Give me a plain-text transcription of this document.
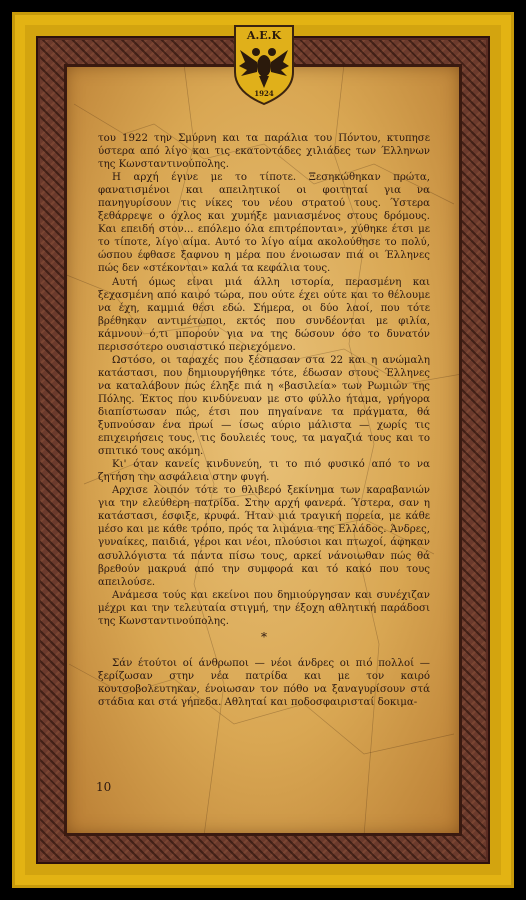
Α.Ε.Κ
1924

του 1922 την Σμύρνη και τα παράλια του Πόντου, κτυπησε ύστερα από λίγο και τις εκατοντάδες χιλιάδες των Έλληνων της Κωνσταντινούπολης.

Η αρχή έγινε με το τίποτε. Ξεσηκώθηκαν πρώτα, φανατισμένοι και απειλητικοί οι φοιτηταί για να πανηγυρίσουν τις νίκες του νέου στρατού τους. Ύστερα ξεθάρρεψε ο όχλος και χυμήξε μανιασμένος στους δρόμους. Και επειδή στον... επόλεμο όλα επιτρέπονται», χύθηκε έτσι με το τίποτε, λίγο αίμα. Αυτό το λίγο αίμα ακολούθησε το πολύ, ώσπου έφθασε ξαφνου η μέρα που ένοιωσαν πιά οι Έλληνες πώς δεν «στέκονται» καλά τα κεφάλια τους.

Αυτή όμως είναι μιά άλλη ιστορία, περασμένη και ξεχασμένη από καιρό τώρα, που ούτε έχει ούτε και το θέλουμε να έχη, καμμιά θέσι εδώ. Σήμερα, οι δύο λαοί, που τότε βρέθηκαν αντιμέτωποι, εκτός που συνδέονται με φιλία, κάμνουν ό,τι μπορούν για να της δώσουν όσο το δυνατόν περισσότερο ουσιαστικό περιεχόμενο.

Ωστόσο, οι ταραχές που ξέσπασαν στα 22 και η ανώμαλη κατάστασι, που δημιουργήθηκε τότε, έδωσαν στους Έλληνες να καταλάβουν πώς έληξε πιά η «βασιλεία» των Ρωμιών της Πόλης. Έκτος που κινδύνευαν με στο φύλλο ήταμα, γρήγορα διαπίστωσαν πώς, έτσι που πηγαίνανε τα πράγματα, θά ξυπνούσαν ένα πρωί — ίσως αύριο μάλιστα — χωρίς τις επιχειρήσεις τους, τις δουλειές τους, τα μαγαζιά τους και το σπιτικό τους ακόμη.

Κι' όταν κανείς κινδυνεύη, τι το πιό φυσικό από το να ζητήση την ασφάλεια στην φυγή.

Αρχισε λοιπόν τότε το θλιβερό ξεκίνημα των καραβανιών για την ελεύθερη πατρίδα. Στην αρχή φανερά. Ύστερα, σαν η κατάστασι, έσφιξε, κρυφά. Ήταν μιά τραγική πορεία, με κάθε μέσο και με κάθε τρόπο, πρός τα λιμάνια της Ελλάδος. Άνδρες, γυναίκες, παιδιά, γέροι και νέοι, πλούσιοι και πτωχοί, άφηκαν ασυλλόγιστα τά πάντα πίσω τους, αρκεί νάνοιωθαν πώς θά βρεθούν μακρυά από την συμφορά και τό κακό που τους απειλούσε.

Ανάμεσα τούς και εκείνοι που δημιούργησαν και συνέχιζαν μέχρι και την τελευταία στιγμή, την έξοχη αθλητική παράδοσι της Κωνσταντινούπολης.

*

Σάν έτούτοι οί άνθρωποι — νέοι άνδρες οι πιό πολλοί — ξερίζωσαν στην νέα πατρίδα και με τον καιρό κουτσοβολευτηκαν, ένοιωσαν τον πόθο να ξαναγυρίσουν στά στάδια και στά γήπεδα. Αθληταί και ποδοσφαιρισταί δοκιμα-

10
